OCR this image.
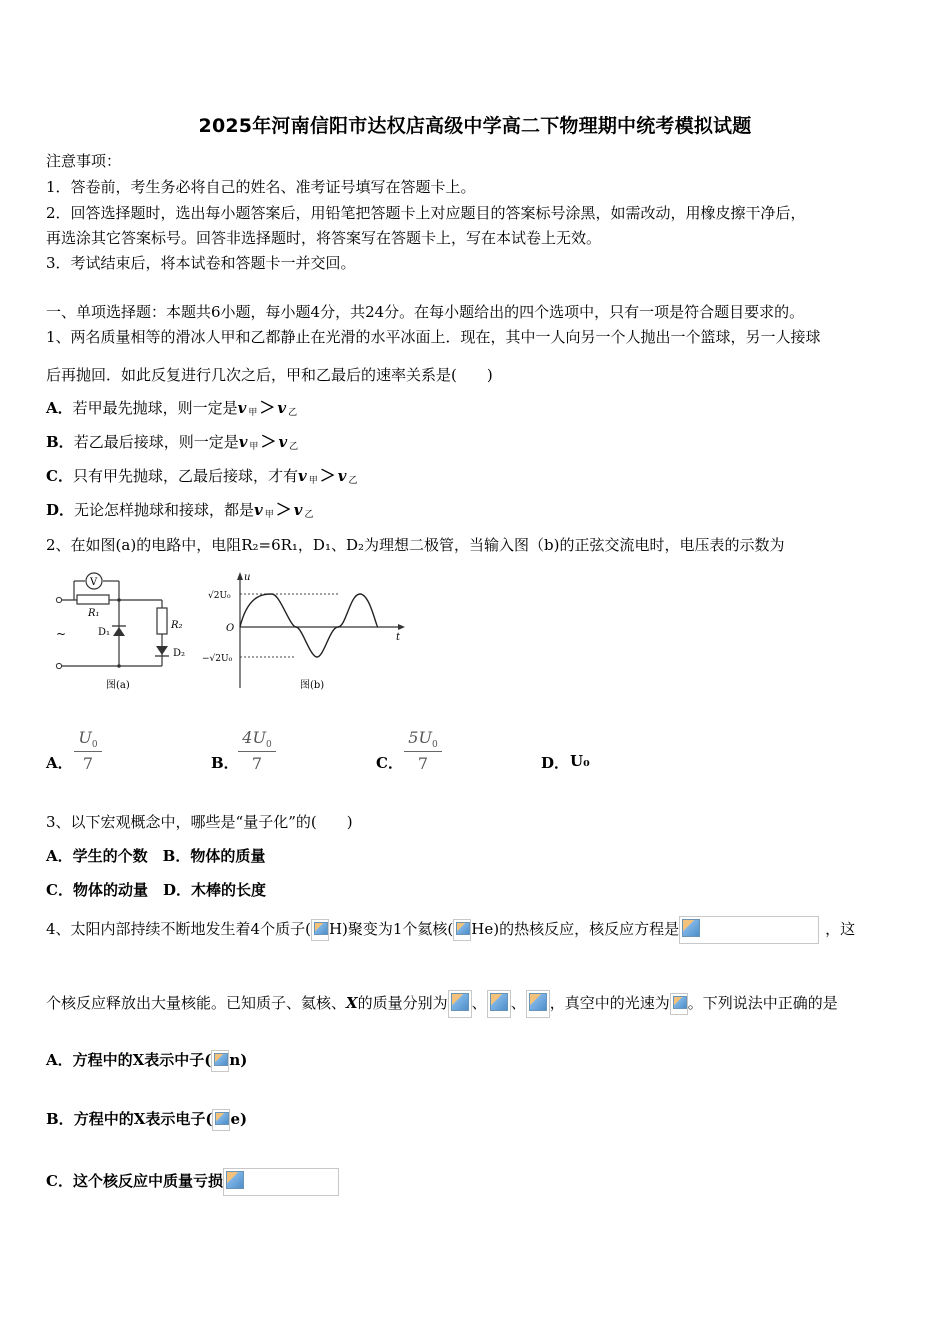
2025年河南信阳市达权店高级中学高二下物理期中统考模拟试题
注意事项：
1．答卷前，考生务必将自己的姓名、准考证号填写在答题卡上。
2．回答选择题时，选出每小题答案后，用铅笔把答题卡上对应题目的答案标号涂黑，如需改动，用橡皮擦干净后，
再选涂其它答案标号。回答非选择题时，将答案写在答题卡上，写在本试卷上无效。
3．考试结束后，将本试卷和答题卡一并交回。
一、单项选择题：本题共6小题，每小题4分，共24分。在每小题给出的四个选项中，只有一项是符合题目要求的。
1、两名质量相等的滑冰人甲和乙都静止在光滑的水平冰面上．现在，其中一人向另一个人抛出一个篮球，另一人接球
后再抛回．如此反复进行几次之后，甲和乙最后的速率关系是(　　)
A．若甲最先抛球，则一定是v $_甲$ ＞ v $_乙$
B．若乙最后接球，则一定是v $_甲$ ＞ v $_乙$
C．只有甲先抛球，乙最后接球，才有v $_甲$ ＞ v $_乙$
D．无论怎样抛球和接球，都是v $_甲$ ＞ v $_乙$
2、在如图(a)的电路中，电阻R₂=6R₁，D₁、D₂为理想二极管，当输入图（b)的正弦交流电时，电压表的示数为
V
R₁
D₁
R₂
D₂
~
图(a)
u
t
O
√2U₀
−√2U₀
图(b)
A．
$U_0$
7	B．
$4U_0$
7	C．
$5U_0$
7	D． U₀
3、以下宏观概念中，哪些是“量子化”的(　　)
A．学生的个数　B．物体的质量
C．物体的动量　D．木棒的长度
4、太阳内部持续不断地发生着4个质子( H)聚变为1个氦核( He)的热核反应，核反应方程是	，这
个核反应释放出大量核能。已知质子、氦核、X的质量分别为 、 、 ，真空中的光速为 。下列说法中正确的是
A．方程中的X表示中子( n)
B．方程中的X表示电子( e)
C．这个核反应中质量亏损
